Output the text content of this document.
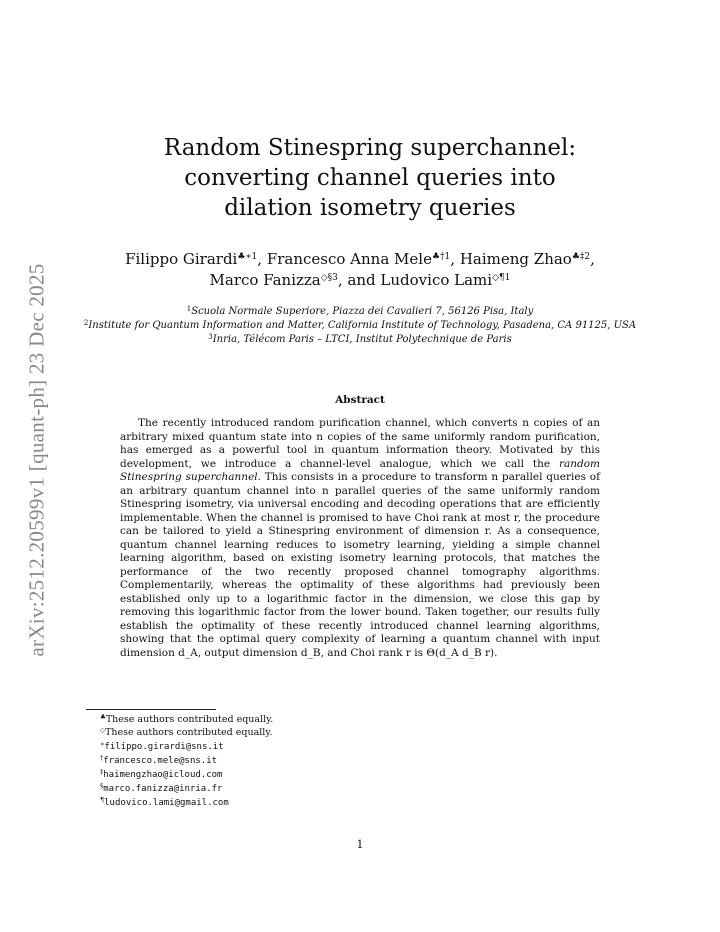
arXiv:2512.20599v1 [quant-ph] 23 Dec 2025
Random Stinespring superchannel:
converting channel queries into
dilation isometry queries
Filippo Girardi$^{♣∗1}$, Francesco Anna Mele$^{♣\dagger 1}$, Haimeng Zhao$^{♣\ddagger 2}$,
Marco Fanizza$^{◇\S 3}$, and Ludovico Lami$^{◇\P 1}$
$^1$Scuola Normale Superiore, Piazza dei Cavalieri 7, 56126 Pisa, Italy
$^2$Institute for Quantum Information and Matter, California Institute of Technology, Pasadena, CA 91125, USA
$^3$Inria, Télécom Paris – LTCI, Institut Polytechnique de Paris
Abstract
The recently introduced random purification channel, which converts n copies of an arbitrary mixed quantum state into n copies of the same uniformly random purification, has emerged as a powerful tool in quantum information theory. Motivated by this development, we introduce a channel-level analogue, which we call the random Stinespring superchannel. This consists in a procedure to transform n parallel queries of an arbitrary quantum channel into n parallel queries of the same uniformly random Stinespring isometry, via universal encoding and decoding operations that are efficiently implementable. When the channel is promised to have Choi rank at most r, the procedure can be tailored to yield a Stinespring environment of dimension r. As a consequence, quantum channel learning reduces to isometry learning, yielding a simple channel learning algorithm, based on existing isometry learning protocols, that matches the performance of the two recently proposed channel tomography algorithms. Complementarily, whereas the optimality of these algorithms had previously been established only up to a logarithmic factor in the dimension, we close this gap by removing this logarithmic factor from the lower bound. Taken together, our results fully establish the optimality of these recently introduced channel learning algorithms, showing that the optimal query complexity of learning a quantum channel with input dimension d_A, output dimension d_B, and Choi rank r is Θ(d_A d_B r).
♣These authors contributed equally.
◇These authors contributed equally.
∗filippo.girardi@sns.it
†francesco.mele@sns.it
‡haimengzhao@icloud.com
§marco.fanizza@inria.fr
¶ludovico.lami@gmail.com
1
